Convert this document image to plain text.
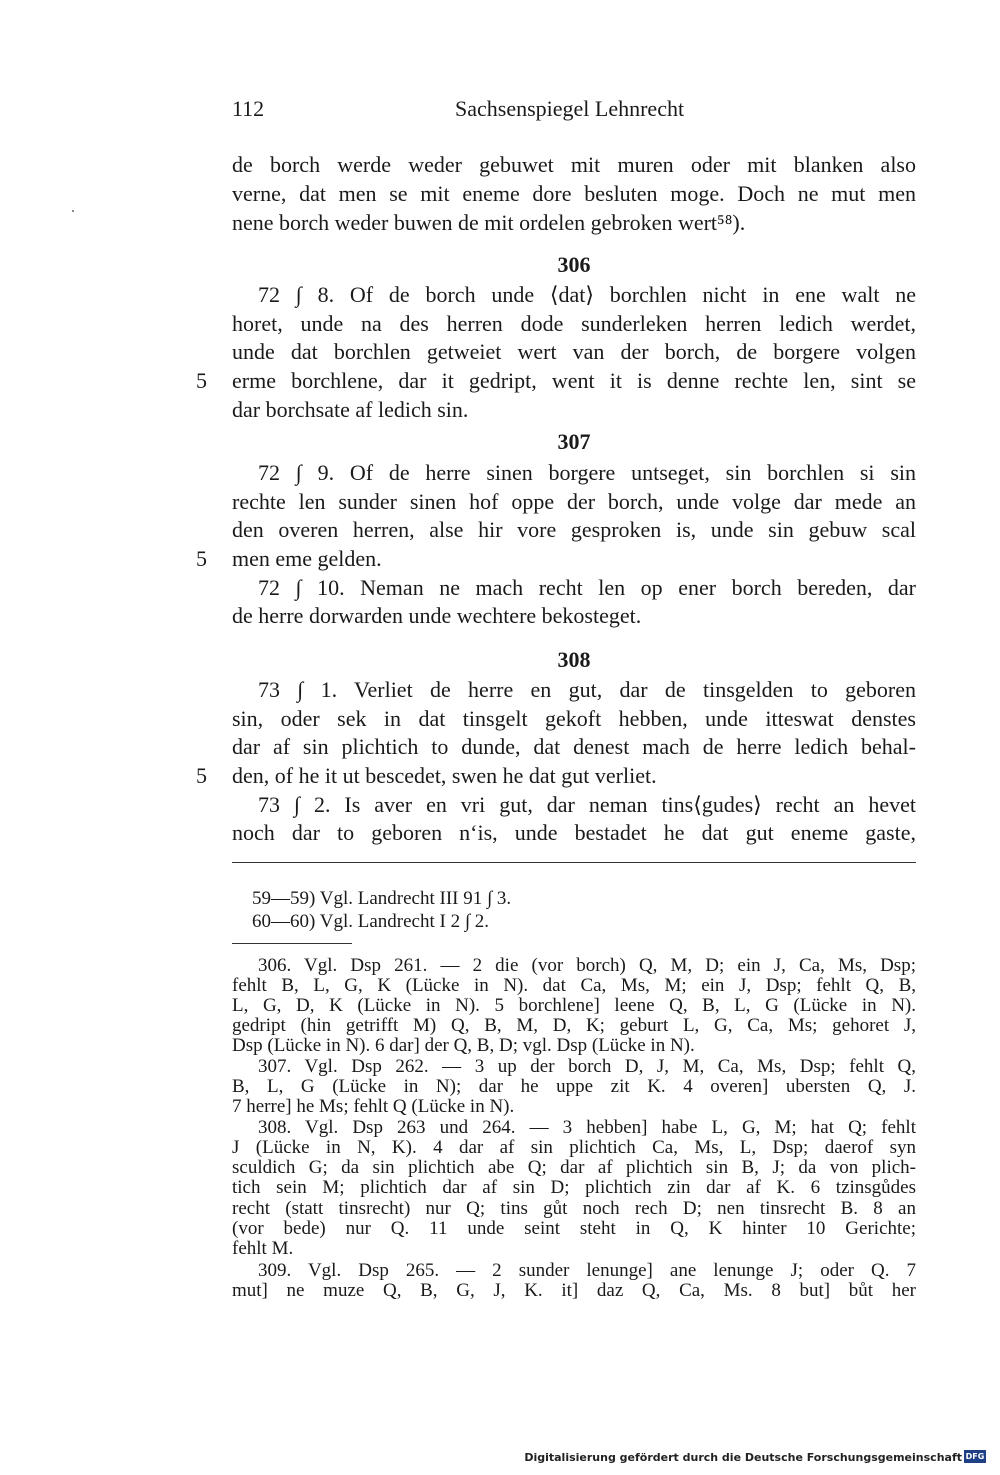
112	Sachsenspiegel Lehnrecht
de borch werde weder gebuwet mit muren oder mit blanken also
verne, dat men se mit eneme dore besluten moge. Doch ne mut men
nene borch weder buwen de mit ordelen gebroken wert⁵⁸).
306
72 ∫ 8. Of de borch unde ⟨dat⟩ borchlen nicht in ene walt ne
horet, unde na des herren dode sunderleken herren ledich werdet,
unde dat borchlen getweiet wert van der borch, de borgere volgen
5 erme borchlene, dar it gedript, went it is denne rechte len, sint se
dar borchsate af ledich sin.
307
72 ∫ 9. Of de herre sinen borgere untseget, sin borchlen si sin
rechte len sunder sinen hof oppe der borch, unde volge dar mede an
den overen herren, alse hir vore gesproken is, unde sin gebuw scal
5 men eme gelden.
72 ∫ 10. Neman ne mach recht len op ener borch bereden, dar
de herre dorwarden unde wechtere bekosteget.
308
73 ∫ 1. Verliet de herre en gut, dar de tinsgelden to geboren
sin, oder sek in dat tinsgelt gekoft hebben, unde itteswat denstes
dar af sin plichtich to dunde, dat denest mach de herre ledich behal-
5 den, of he it ut bescedet, swen he dat gut verliet.
73 ∫ 2. Is aver en vri gut, dar neman tins⟨gudes⟩ recht an hevet
noch dar to geboren n‘is, unde bestadet he dat gut eneme gaste,
59—59) Vgl. Landrecht III 91 ∫ 3.
60—60) Vgl. Landrecht I 2 ∫ 2.
306. Vgl. Dsp 261. — 2 die (vor borch) Q, M, D; ein J, Ca, Ms, Dsp;
fehlt B, L, G, K (Lücke in N). dat Ca, Ms, M; ein J, Dsp; fehlt Q, B,
L, G, D, K (Lücke in N). 5 borchlene] leene Q, B, L, G (Lücke in N).
gedript (hin getrifft M) Q, B, M, D, K; geburt L, G, Ca, Ms; gehoret J,
Dsp (Lücke in N). 6 dar] der Q, B, D; vgl. Dsp (Lücke in N).
307. Vgl. Dsp 262. — 3 up der borch D, J, M, Ca, Ms, Dsp; fehlt Q,
B, L, G (Lücke in N); dar he uppe zit K. 4 overen] ubersten Q, J.
7 herre] he Ms; fehlt Q (Lücke in N).
308. Vgl. Dsp 263 und 264. — 3 hebben] habe L, G, M; hat Q; fehlt
J (Lücke in N, K). 4 dar af sin plichtich Ca, Ms, L, Dsp; daerof syn
sculdich G; da sin plichtich abe Q; dar af plichtich sin B, J; da von plich-
tich sein M; plichtich dar af sin D; plichtich zin dar af K. 6 tzinsgůdes
recht (statt tinsrecht) nur Q; tins gůt noch rech D; nen tinsrecht B. 8 an
(vor bede) nur Q. 11 unde seint steht in Q, K hinter 10 Gerichte;
fehlt M.
309. Vgl. Dsp 265. — 2 sunder lenunge] ane lenunge J; oder Q. 7
mut] ne muze Q, B, G, J, K. it] daz Q, Ca, Ms. 8 but] bůt her
Digitalisierung gefördert durch die Deutsche Forschungsgemeinschaft DFG
